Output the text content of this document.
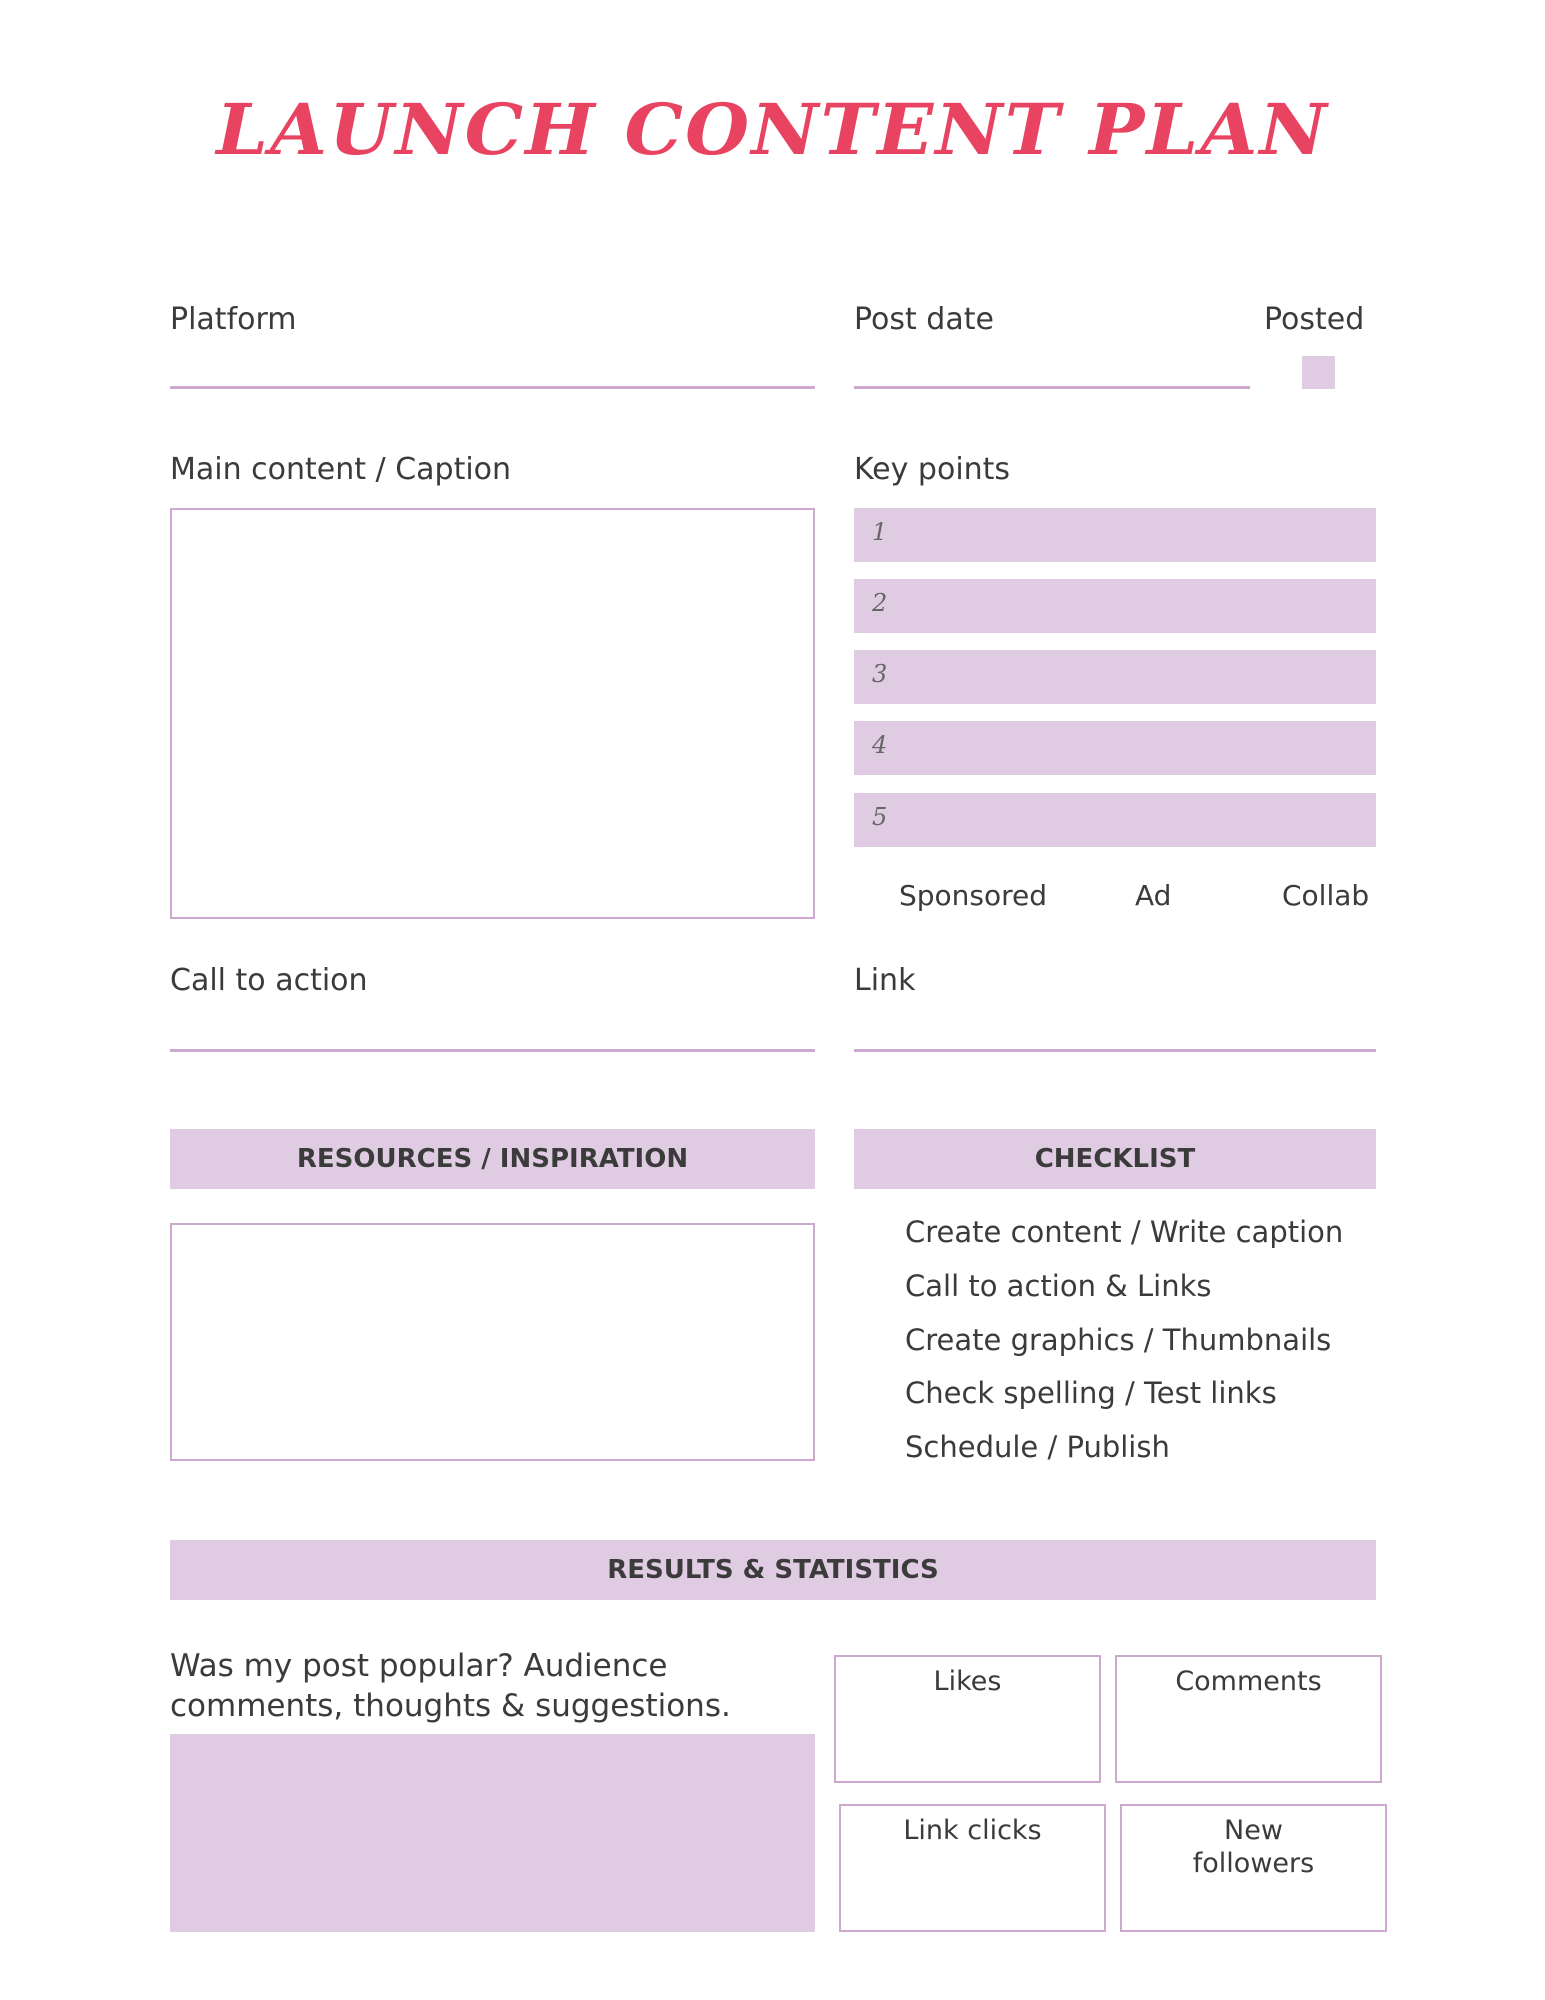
LAUNCH CONTENT PLAN
Platform	Post date	Posted
Main content / Caption	Key points
1
2
3
4
5
Sponsored	Ad	Collab
Call to action	Link
RESOURCES / INSPIRATION	CHECKLIST
Create content / Write caption
Call to action & Links
Create graphics / Thumbnails
Check spelling / Test links
Schedule / Publish
RESULTS & STATISTICS
Was my post popular? Audience
comments, thoughts & suggestions.
Likes	Comments
Link clicks	New
followers
